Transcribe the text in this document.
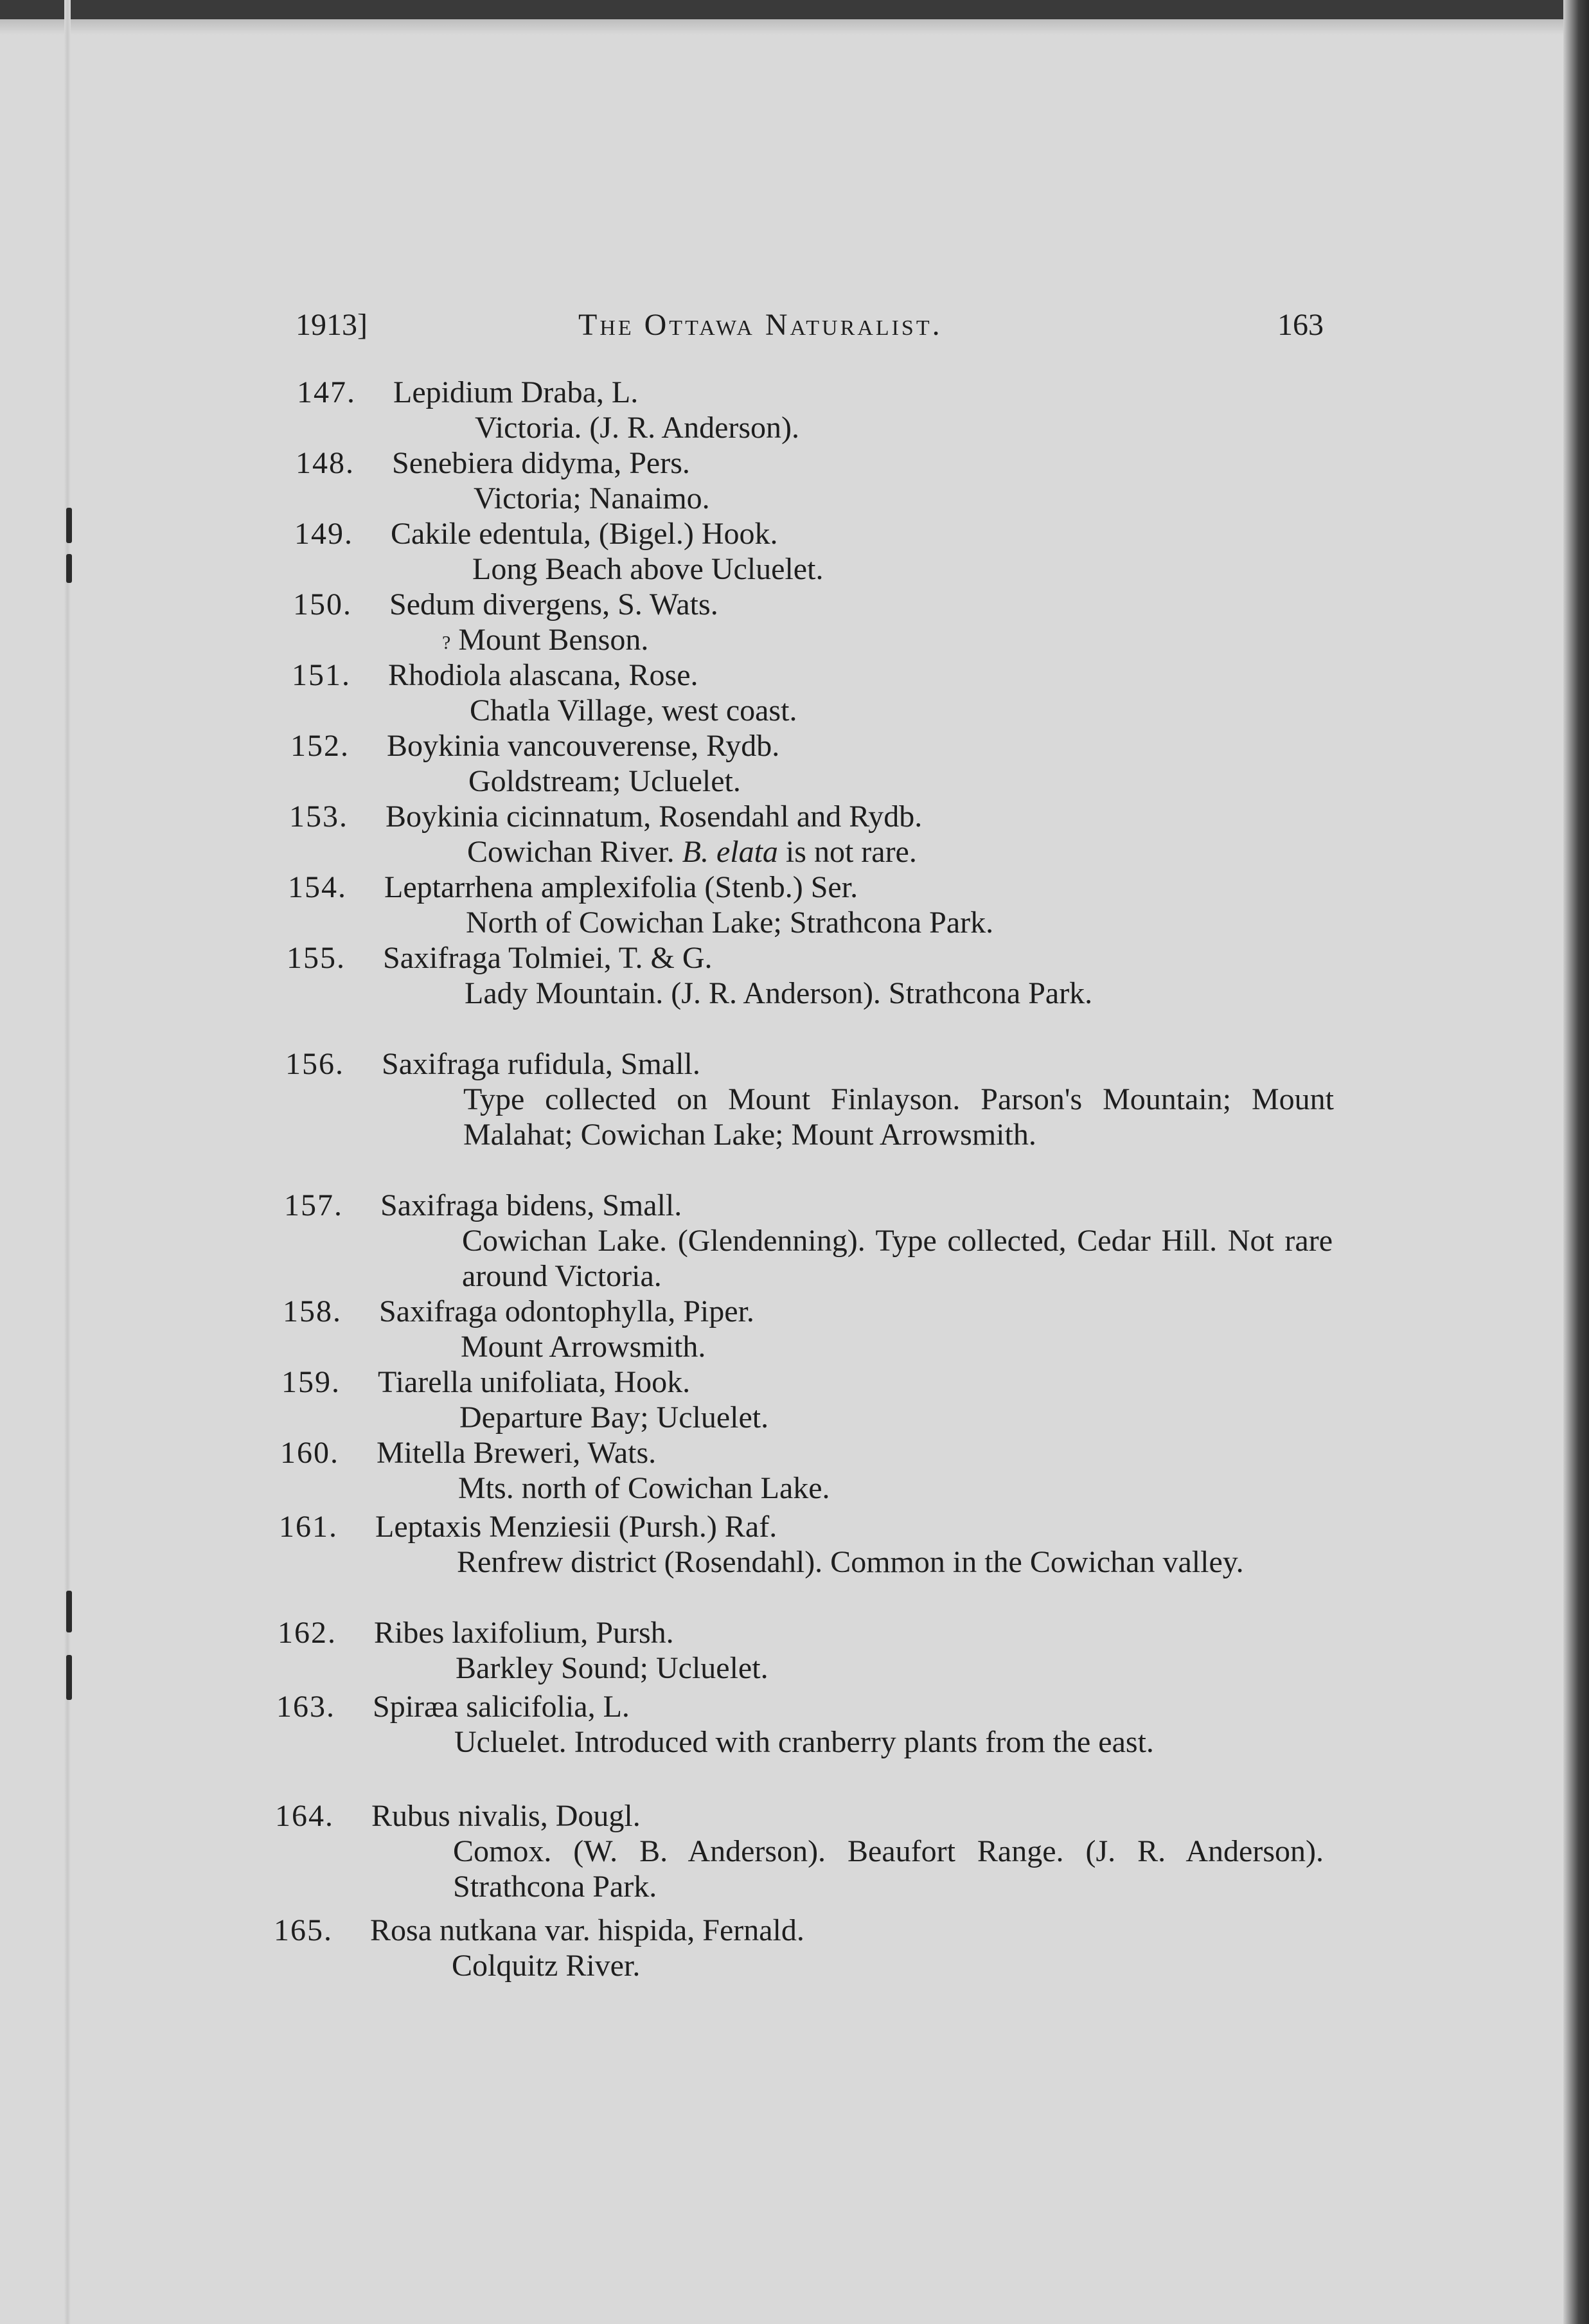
1913]	The Ottawa Naturalist.	163
147.	Lepidium Draba, L.
Victoria. (J. R. Anderson).
148.	Senebiera didyma, Pers.
Victoria; Nanaimo.
149.	Cakile edentula, (Bigel.) Hook.
Long Beach above Ucluelet.
150.	Sedum divergens, S. Wats.
? Mount Benson.
151.	Rhodiola alascana, Rose.
Chatla Village, west coast.
152.	Boykinia vancouverense, Rydb.
Goldstream; Ucluelet.
153.	Boykinia cicinnatum, Rosendahl and Rydb.
Cowichan River. B. elata is not rare.
154.	Leptarrhena amplexifolia (Stenb.) Ser.
North of Cowichan Lake; Strathcona Park.
155.	Saxifraga Tolmiei, T. & G.
Lady Mountain. (J. R. Anderson). Strathcona Park.
156.	Saxifraga rufidula, Small.
Type collected on Mount Finlayson. Parson's Mountain; Mount Malahat; Cowichan Lake; Mount Arrowsmith.
157.	Saxifraga bidens, Small.
Cowichan Lake. (Glendenning). Type collected, Cedar Hill. Not rare around Victoria.
158.	Saxifraga odontophylla, Piper.
Mount Arrowsmith.
159.	Tiarella unifoliata, Hook.
Departure Bay; Ucluelet.
160.	Mitella Breweri, Wats.
Mts. north of Cowichan Lake.
161.	Leptaxis Menziesii (Pursh.) Raf.
Renfrew district (Rosendahl). Common in the Cowichan valley.
162.	Ribes laxifolium, Pursh.
Barkley Sound; Ucluelet.
163.	Spiræa salicifolia, L.
Ucluelet. Introduced with cranberry plants from the east.
164.	Rubus nivalis, Dougl.
Comox. (W. B. Anderson). Beaufort Range. (J. R. Anderson). Strathcona Park.
165.	Rosa nutkana var. hispida, Fernald.
Colquitz River.
